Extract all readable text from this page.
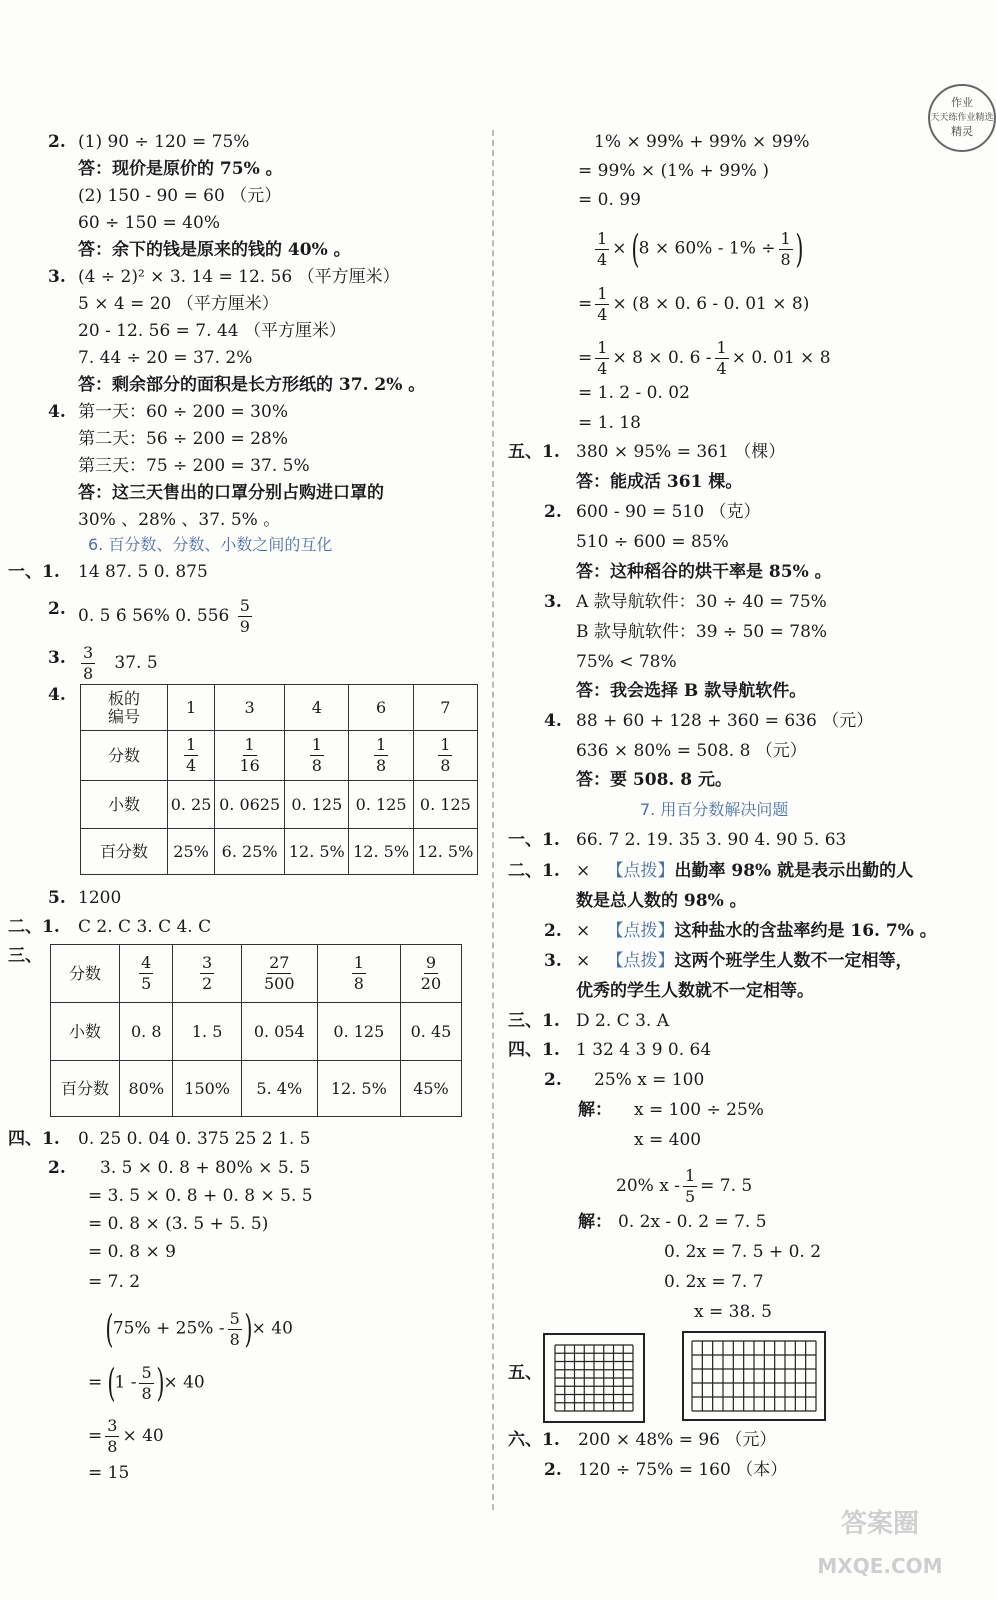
作业
天天练作业精选
精灵
2. (1) 90 ÷ 120 = 75%
答：现价是原价的 75% 。
(2) 150 - 90 = 60 （元）
60 ÷ 150 = 40%
答：余下的钱是原来的钱的 40% 。
3. (4 ÷ 2)² × 3. 14 = 12. 56 （平方厘米）
5 × 4 = 20 （平方厘米）
20 - 12. 56 = 7. 44 （平方厘米）
7. 44 ÷ 20 = 37. 2%
答：剩余部分的面积是长方形纸的 37. 2% 。
4. 第一天：60 ÷ 200 = 30%
第二天：56 ÷ 200 = 28%
第三天：75 ÷ 200 = 37. 5%
答：这三天售出的口罩分别占购进口罩的
30% 、28% 、37. 5% 。
6. 百分数、分数、小数之间的互化
一、1. 14 87. 5 0. 875
2. 0. 5 6̇ 56% 0. $556 \frac{5}{9}$
3. $\frac{3}{8} 37$. 5
4.	板的
编号	1	3	4	6	7
分数	$\frac{1}{4}$	$\frac{1}{16}$	$\frac{1}{8}$	$\frac{1}{8}$	$\frac{1}{8}$

小数	0. 25	0. 0625	0. 125	0. 125	0. 125
百分数	25%	6. 25%	12. 5%	12. 5%	12. 5%
5. 1200
二、1. C 2. C 3. C 4. C
三、
分数	$\frac{4}{5}$	$\frac{3}{2}$	$\frac{27}{500}$	$\frac{1}{8}$	$\frac{9}{20}$

小数	0. 8	1. 5	0. 054	0. 125	0. 45
百分数	80%	150%	5. 4%	12. 5%	45%
四、1. 0. 25 0. 04 0. 375 25 2 1. 5
2. 3. 5 × 0. 8 + 80% × 5. 5
= 3. 5 × 0. 8 + 0. 8 × 5. 5
= 0. 8 × (3. 5 + 5. 5)
= 0. 8 × 9
= 7. 2
($75\% + 25\% - \frac{5}{8}$ )× 40
= ($1 - \frac{5}{8}$ )× 40
= $\frac{3}{8} \times 40$
= 15
1% × 99% + 99% × 99%
= 99% × (1% + 99% )
= 0. 99
$\frac{1}{4} \times (8 \times 60\% - 1\% \div \frac{1}{8}$ )
= $\frac{1}{4} \times (8 \times 0$. 6 - 0. 01 × 8)
= $\frac{1}{4} \times 8 \times 0$. $6 - \frac{1}{4} \times 0$. 01 × 8
= 1. 2 - 0. 02
= 1. 18
五、1. 380 × 95% = 361 （棵）
答：能成活 361 棵。
2. 600 - 90 = 510 （克）
510 ÷ 600 = 85%
答：这种稻谷的烘干率是 85% 。
3. A 款导航软件：30 ÷ 40 = 75%
B 款导航软件：39 ÷ 50 = 78%
75% < 78%
答：我会选择 B 款导航软件。
4. 88 + 60 + 128 + 360 = 636 （元）
636 × 80% = 508. 8 （元）
答：要 508. 8 元。
7. 用百分数解决问题
一、1. 66. 7 2. 19. 35 3. 90 4. 90 5. 63
二、1. × 【点拨】出勤率 98% 就是表示出勤的人
数是总人数的 98% 。
2. × 【点拨】这种盐水的含盐率约是 16. 7% 。
3. × 【点拨】这两个班学生人数不一定相等，
优秀的学生人数就不一定相等。
三、1. D 2. C 3. A
四、1. 1 32 4 3 9 0. 64
2. 25% x = 100
解： x = 100 ÷ 25%
x = 400
20% $x - \frac{1}{5} = 7$. 5
解： 0. 2x - 0. 2 = 7. 5
0. 2x = 7. 5 + 0. 2
0. 2x = 7. 7
x = 38. 5
五、
六、1. 200 × 48% = 96 （元）
2. 120 ÷ 75% = 160 （本）
答案圈
MXQE.COM
